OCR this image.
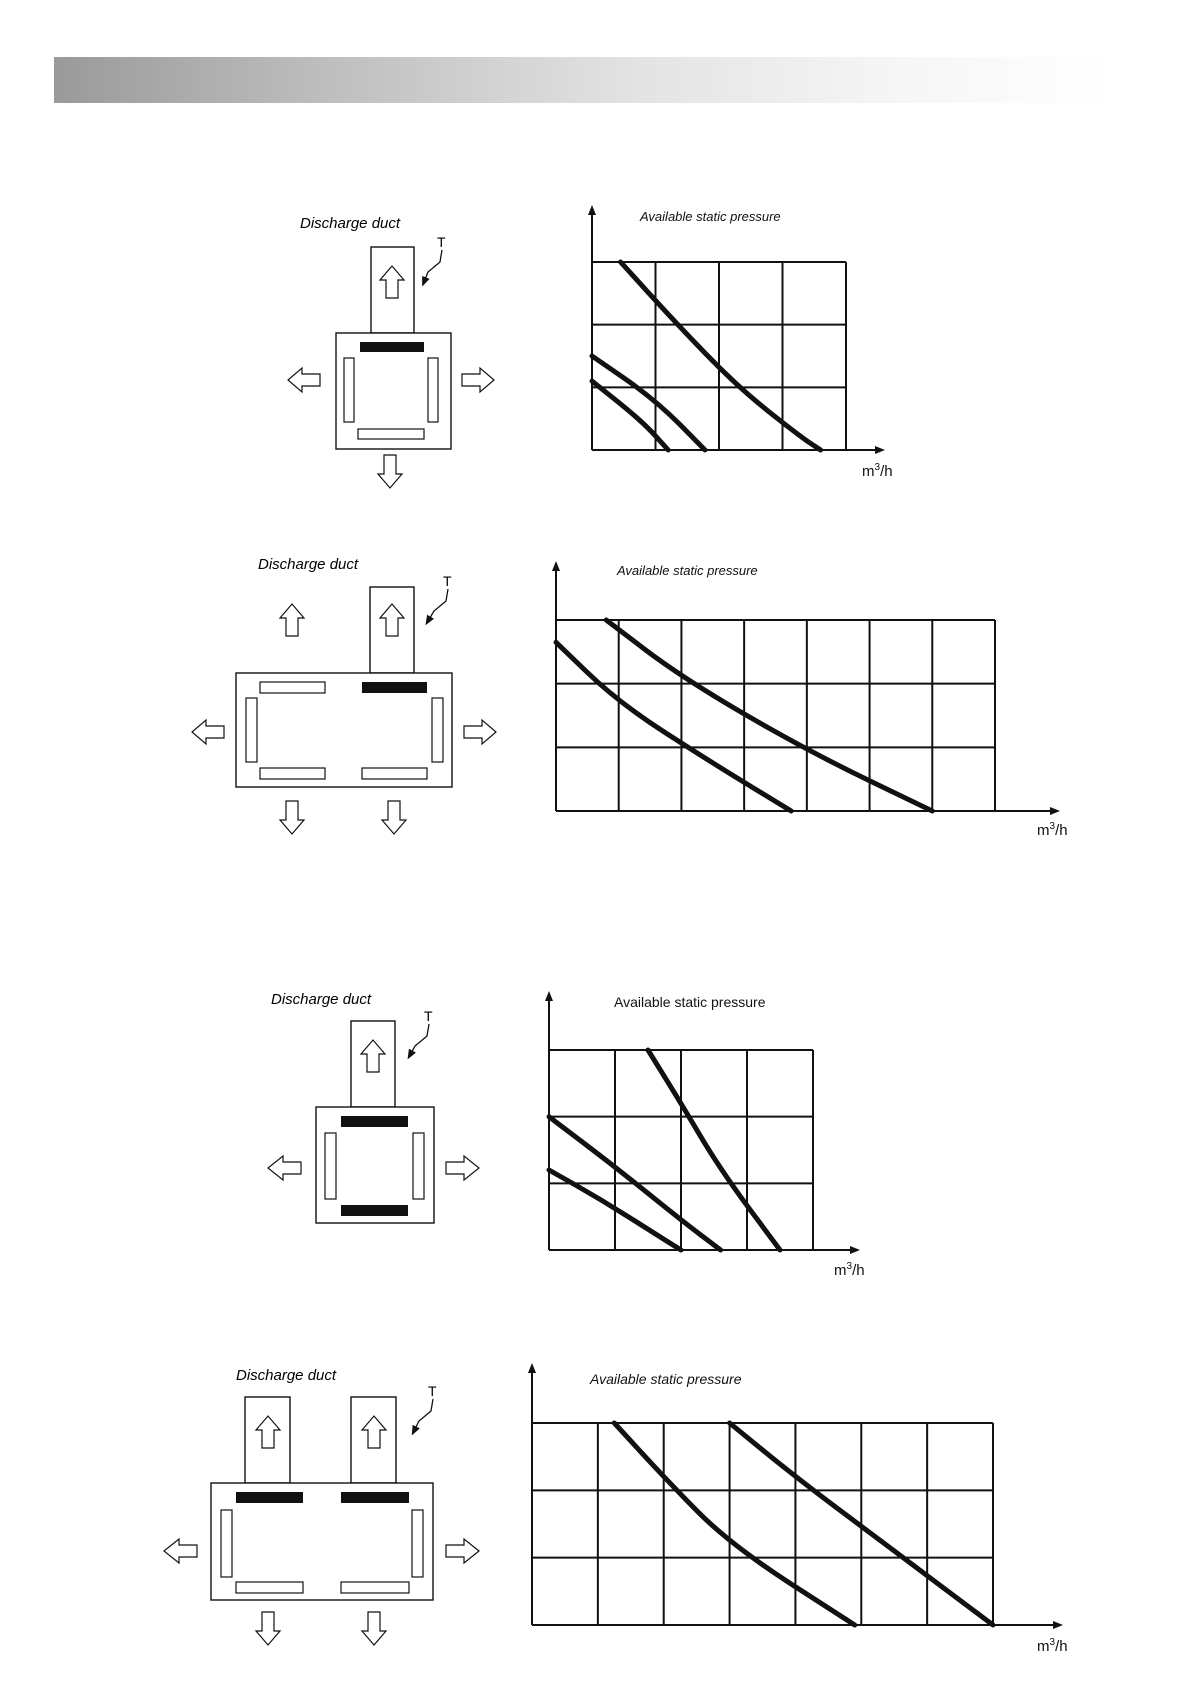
Discharge duct
T
Discharge duct
T
Discharge duct
T
Discharge duct
T
Available static pressure
$m^3/h$
Available static pressure
$m^3/h$
Available static pressure
$m^3/h$
Available static pressure
$m^3/h$
